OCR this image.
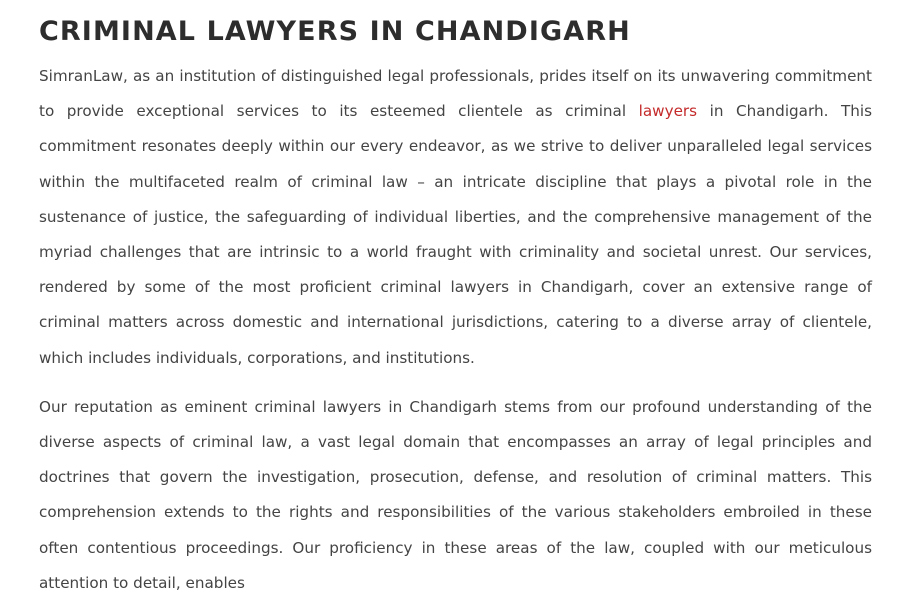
CRIMINAL LAWYERS IN CHANDIGARH

SimranLaw, as an institution of distinguished legal professionals, prides itself on its unwavering commitment to provide exceptional services to its esteemed clientele as criminal lawyers in Chandigarh. This commitment resonates deeply within our every endeavor, as we strive to deliver unparalleled legal services within the multifaceted realm of criminal law – an intricate discipline that plays a pivotal role in the sustenance of justice, the safeguarding of individual liberties, and the comprehensive management of the myriad challenges that are intrinsic to a world fraught with criminality and societal unrest. Our services, rendered by some of the most proficient criminal lawyers in Chandigarh, cover an extensive range of criminal matters across domestic and international jurisdictions, catering to a diverse array of clientele, which includes individuals, corporations, and institutions.

Our reputation as eminent criminal lawyers in Chandigarh stems from our profound understanding of the diverse aspects of criminal law, a vast legal domain that encompasses an array of legal principles and doctrines that govern the investigation, prosecution, defense, and resolution of criminal matters. This comprehension extends to the rights and responsibilities of the various stakeholders embroiled in these often contentious proceedings. Our proficiency in these areas of the law, coupled with our meticulous attention to detail, enables
